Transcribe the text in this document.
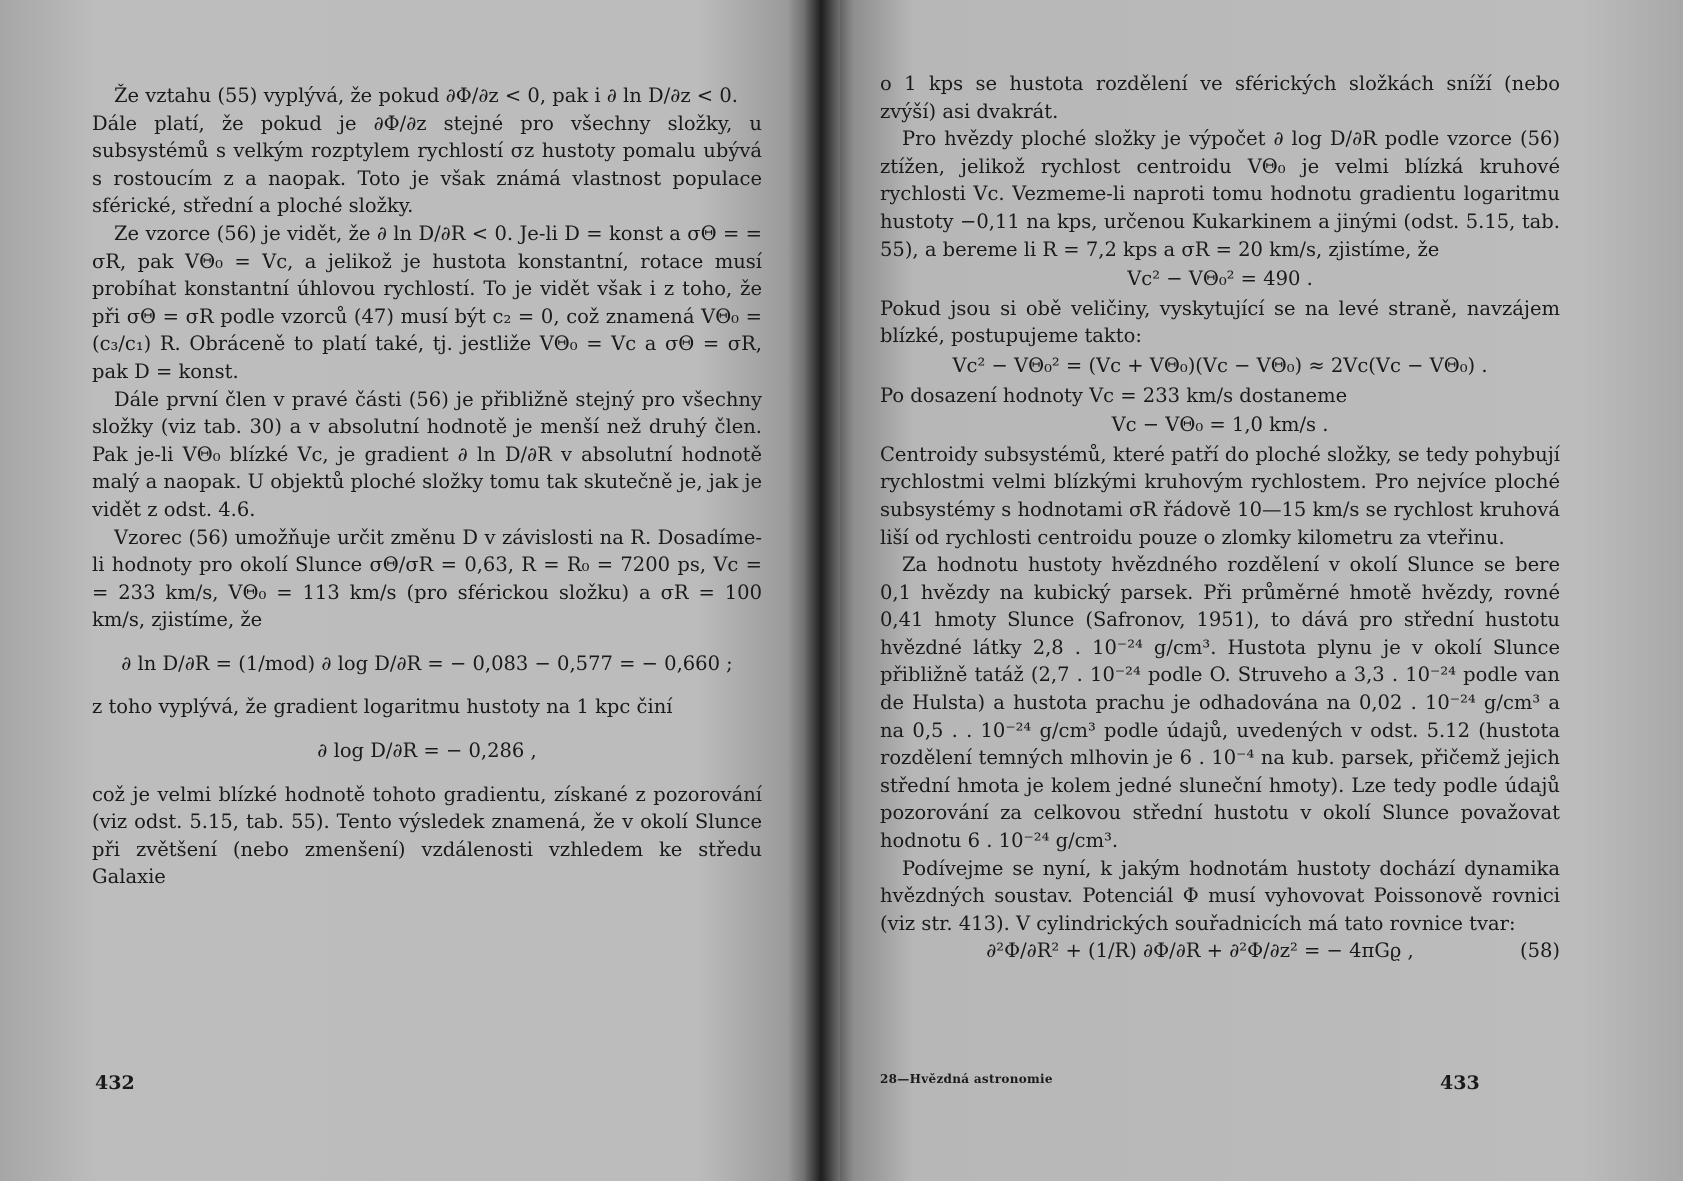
Že vztahu (55) vyplývá, že pokud ∂Φ/∂z < 0, pak i ∂ ln D/∂z < 0.

Dále platí, že pokud je ∂Φ/∂z stejné pro všechny složky, u subsystémů s velkým rozptylem rychlostí σz hustoty pomalu ubývá s rostoucím z a naopak. Toto je však známá vlastnost populace sférické, střední a ploché složky.

Ze vzorce (56) je vidět, že ∂ ln D/∂R < 0. Je-li D = konst a σΘ = = σR, pak VΘ₀ = Vc, a jelikož je hustota konstantní, rotace musí probíhat konstantní úhlovou rychlostí. To je vidět však i z toho, že při σΘ = σR podle vzorců (47) musí být c₂ = 0, což znamená VΘ₀ = (c₃/c₁) R. Obráceně to platí také, tj. jestliže VΘ₀ = Vc a σΘ = σR, pak D = konst.

Dále první člen v pravé části (56) je přibližně stejný pro všechny složky (viz tab. 30) a v absolutní hodnotě je menší než druhý člen. Pak je-li VΘ₀ blízké Vc, je gradient ∂ ln D/∂R v absolutní hodnotě malý a naopak. U objektů ploché složky tomu tak skutečně je, jak je vidět z odst. 4.6.

Vzorec (56) umožňuje určit změnu D v závislosti na R. Dosadíme-li hodnoty pro okolí Slunce σΘ/σR = 0,63, R = R₀ = 7200 ps, Vc = = 233 km/s, VΘ₀ = 113 km/s (pro sférickou složku) a σR = 100 km/s, zjistíme, že

∂ ln D/∂R = (1/mod) ∂ log D/∂R = − 0,083 − 0,577 = − 0,660 ;

z toho vyplývá, že gradient logaritmu hustoty na 1 kpc činí

∂ log D/∂R = − 0,286 ,

což je velmi blízké hodnotě tohoto gradientu, získané z pozorování (viz odst. 5.15, tab. 55). Tento výsledek znamená, že v okolí Slunce při zvětšení (nebo zmenšení) vzdálenosti vzhledem ke středu Galaxie

432

o 1 kps se hustota rozdělení ve sférických složkách sníží (nebo zvýší) asi dvakrát.

Pro hvězdy ploché složky je výpočet ∂ log D/∂R podle vzorce (56) ztížen, jelikož rychlost centroidu VΘ₀ je velmi blízká kruhové rychlosti Vc. Vezmeme-li naproti tomu hodnotu gradientu logaritmu hustoty −0,11 na kps, určenou Kukarkinem a jinými (odst. 5.15, tab. 55), a bereme li R = 7,2 kps a σR = 20 km/s, zjistíme, že

Vc² − VΘ₀² = 490 .

Pokud jsou si obě veličiny, vyskytující se na levé straně, navzájem blízké, postupujeme takto:

Vc² − VΘ₀² = (Vc + VΘ₀)(Vc − VΘ₀) ≈ 2Vc(Vc − VΘ₀) .

Po dosazení hodnoty Vc = 233 km/s dostaneme

Vc − VΘ₀ = 1,0 km/s .

Centroidy subsystémů, které patří do ploché složky, se tedy pohybují rychlostmi velmi blízkými kruhovým rychlostem. Pro nejvíce ploché subsystémy s hodnotami σR řádově 10—15 km/s se rychlost kruhová liší od rychlosti centroidu pouze o zlomky kilometru za vteřinu.

Za hodnotu hustoty hvězdného rozdělení v okolí Slunce se bere 0,1 hvězdy na kubický parsek. Při průměrné hmotě hvězdy, rovné 0,41 hmoty Slunce (Safronov, 1951), to dává pro střední hustotu hvězdné látky 2,8 . 10⁻²⁴ g/cm³. Hustota plynu je v okolí Slunce přibližně tatáž (2,7 . 10⁻²⁴ podle O. Struveho a 3,3 . 10⁻²⁴ podle van de Hulsta) a hustota prachu je odhadována na 0,02 . 10⁻²⁴ g/cm³ a na 0,5 . . 10⁻²⁴ g/cm³ podle údajů, uvedených v odst. 5.12 (hustota rozdělení temných mlhovin je 6 . 10⁻⁴ na kub. parsek, přičemž jejich střední hmota je kolem jedné sluneční hmoty). Lze tedy podle údajů pozorování za celkovou střední hustotu v okolí Slunce považovat hodnotu 6 . 10⁻²⁴ g/cm³.

Podívejme se nyní, k jakým hodnotám hustoty dochází dynamika hvězdných soustav. Potenciál Φ musí vyhovovat Poissonově rovnici (viz str. 413). V cylindrických souřadnicích má tato rovnice tvar:

∂²Φ/∂R² + (1/R) ∂Φ/∂R + ∂²Φ/∂z² = − 4πGϱ ,	(58)
28—Hvězdná astronomie	433
